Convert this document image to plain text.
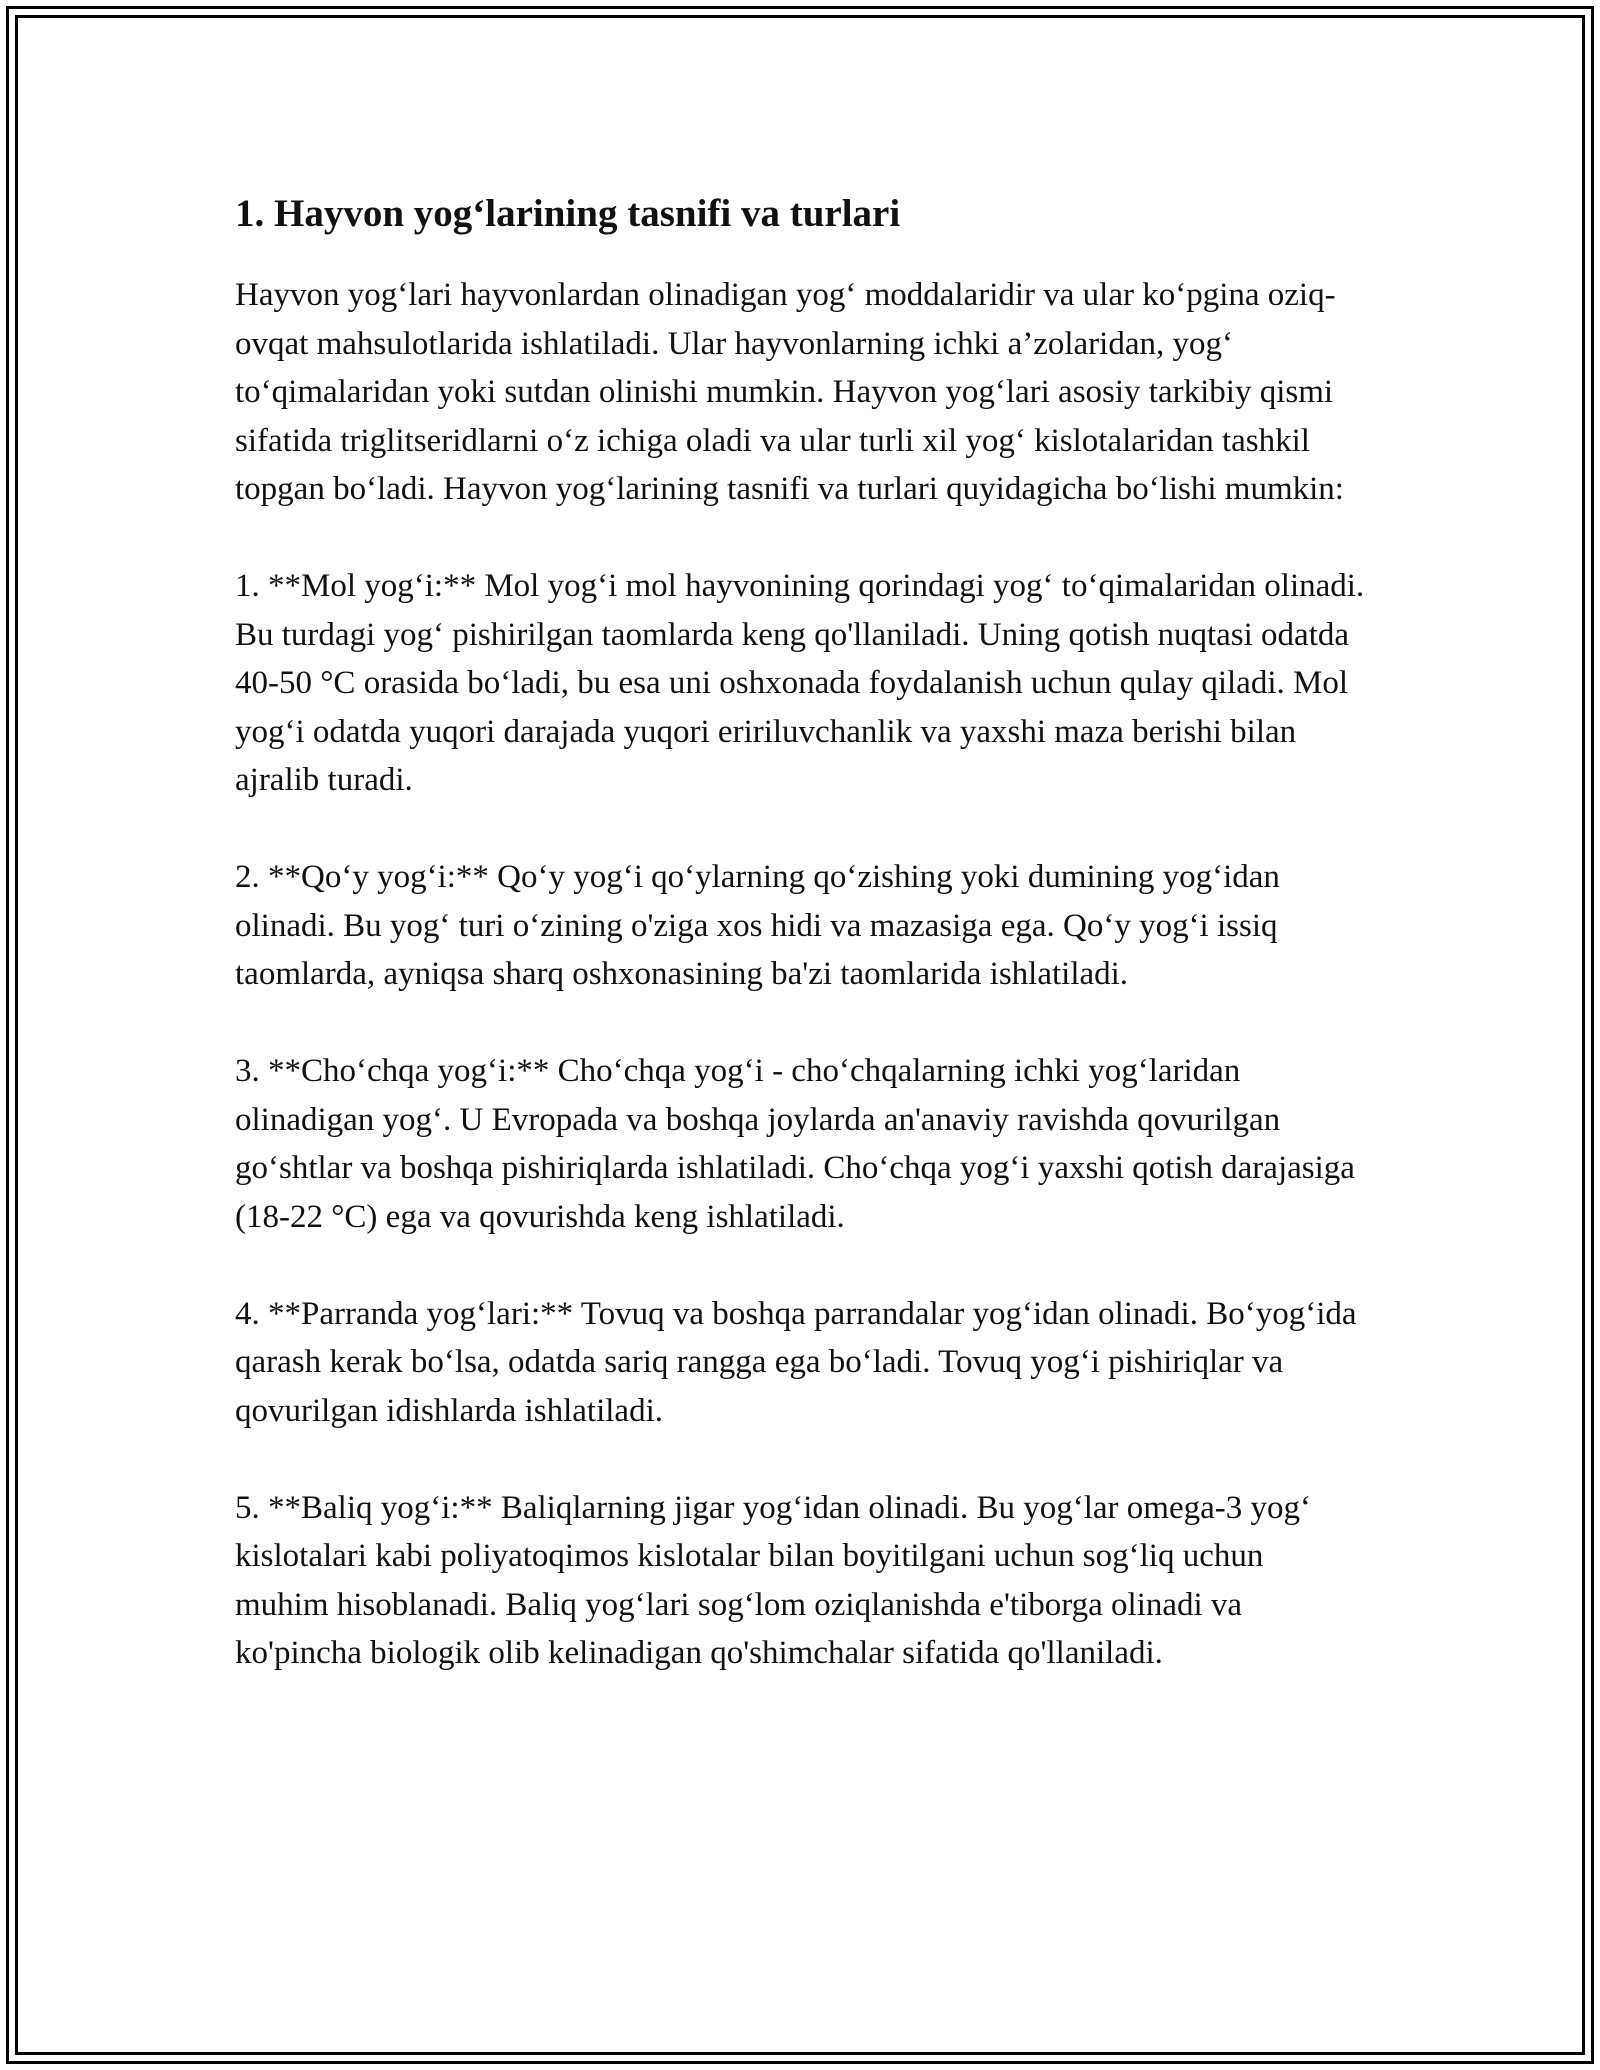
1. Hayvon yog‘larining tasnifi va turlari

Hayvon yog‘lari hayvonlardan olinadigan yog‘ moddalaridir va ular ko‘pgina oziq-ovqat mahsulotlarida ishlatiladi. Ular hayvonlarning ichki a’zolaridan, yog‘ to‘qimalaridan yoki sutdan olinishi mumkin. Hayvon yog‘lari asosiy tarkibiy qismi sifatida triglitseridlarni o‘z ichiga oladi va ular turli xil yog‘ kislotalaridan tashkil topgan bo‘ladi. Hayvon yog‘larining tasnifi va turlari quyidagicha bo‘lishi mumkin:

1. **Mol yog‘i:** Mol yog‘i mol hayvonining qorindagi yog‘ to‘qimalaridan olinadi. Bu turdagi yog‘ pishirilgan taomlarda keng qo'llaniladi. Uning qotish nuqtasi odatda 40-50 °C orasida bo‘ladi, bu esa uni oshxonada foydalanish uchun qulay qiladi. Mol yog‘i odatda yuqori darajada yuqori eririluvchanlik va yaxshi maza berishi bilan ajralib turadi.

2. **Qo‘y yog‘i:** Qo‘y yog‘i qo‘ylarning qo‘zishing yoki dumining yog‘idan olinadi. Bu yog‘ turi o‘zining o'ziga xos hidi va mazasiga ega. Qo‘y yog‘i issiq taomlarda, ayniqsa sharq oshxonasining ba'zi taomlarida ishlatiladi.

3. **Cho‘chqa yog‘i:** Cho‘chqa yog‘i - cho‘chqalarning ichki yog‘laridan olinadigan yog‘. U Evropada va boshqa joylarda an'anaviy ravishda qovurilgan go‘shtlar va boshqa pishiriqlarda ishlatiladi. Cho‘chqa yog‘i yaxshi qotish darajasiga (18-22 °C) ega va qovurishda keng ishlatiladi.

4. **Parranda yog‘lari:** Tovuq va boshqa parrandalar yog‘idan olinadi. Bo‘yog‘ida qarash kerak bo‘lsa, odatda sariq rangga ega bo‘ladi. Tovuq yog‘i pishiriqlar va qovurilgan idishlarda ishlatiladi.

5. **Baliq yog‘i:** Baliqlarning jigar yog‘idan olinadi. Bu yog‘lar omega-3 yog‘ kislotalari kabi poliyatoqimos kislotalar bilan boyitilgani uchun sog‘liq uchun muhim hisoblanadi. Baliq yog‘lari sog‘lom oziqlanishda e'tiborga olinadi va ko'pincha biologik olib kelinadigan qo'shimchalar sifatida qo'llaniladi.
